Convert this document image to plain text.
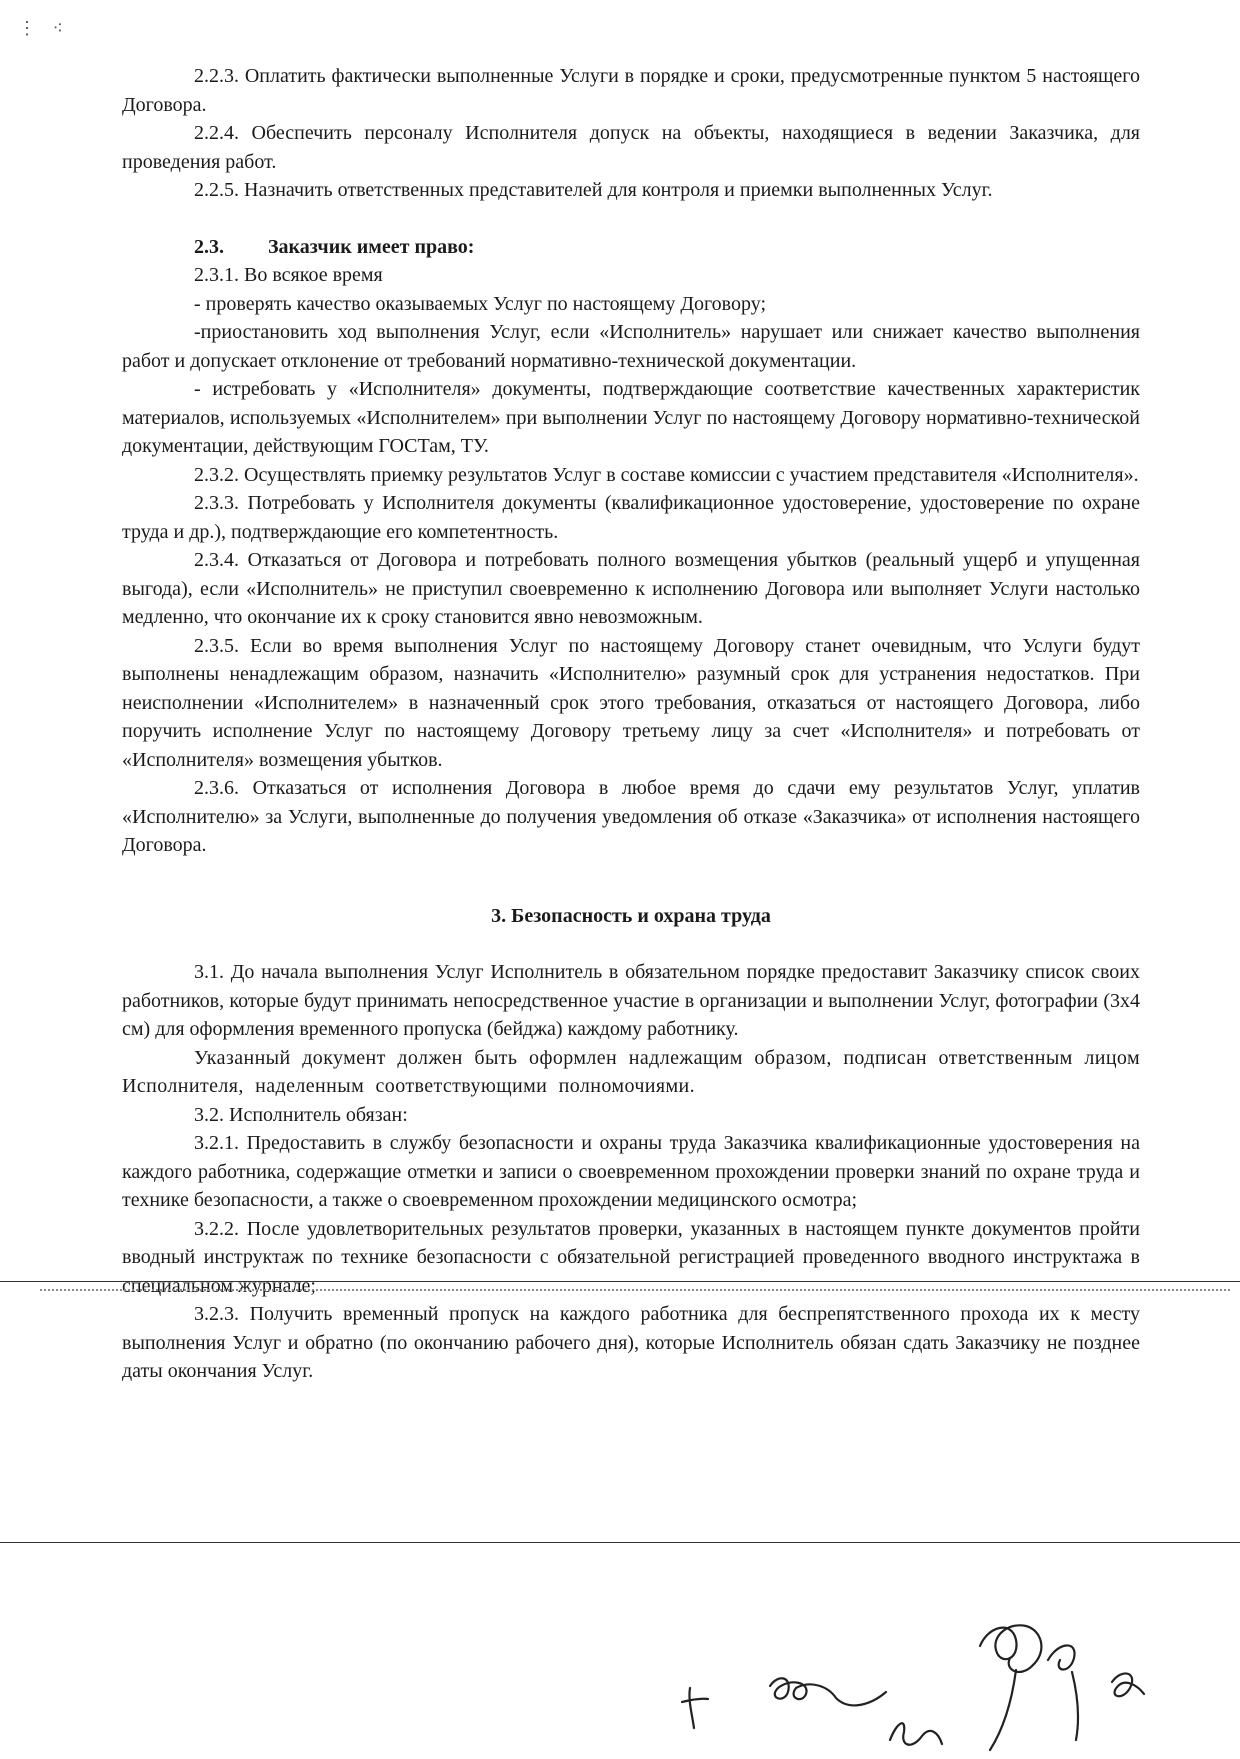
⋮ ⁖

2.2.3. Оплатить фактически выполненные Услуги в порядке и сроки, предусмотренные пунктом 5 настоящего Договора.

2.2.4. Обеспечить персоналу Исполнителя допуск на объекты, находящиеся в ведении Заказчика, для проведения работ.

2.2.5. Назначить ответственных представителей для контроля и приемки выполненных Услуг.

2.3. Заказчик имеет право:

2.3.1. Во всякое время

- проверять качество оказываемых Услуг по настоящему Договору;

-приостановить ход выполнения Услуг, если «Исполнитель» нарушает или снижает качество выполнения работ и допускает отклонение от требований нормативно-технической документации.

- истребовать у «Исполнителя» документы, подтверждающие соответствие качественных характеристик материалов, используемых «Исполнителем» при выполнении Услуг по настоящему Договору нормативно-технической документации, действующим ГОСТам, ТУ.

2.3.2. Осуществлять приемку результатов Услуг в составе комиссии с участием представителя «Исполнителя».

2.3.3. Потребовать у Исполнителя документы (квалификационное удостоверение, удостоверение по охране труда и др.), подтверждающие его компетентность.

2.3.4. Отказаться от Договора и потребовать полного возмещения убытков (реальный ущерб и упущенная выгода), если «Исполнитель» не приступил своевременно к исполнению Договора или выполняет Услуги настолько медленно, что окончание их к сроку становится явно невозможным.

2.3.5. Если во время выполнения Услуг по настоящему Договору станет очевидным, что Услуги будут выполнены ненадлежащим образом, назначить «Исполнителю» разумный срок для устранения недостатков. При неисполнении «Исполнителем» в назначенный срок этого требования, отказаться от настоящего Договора, либо поручить исполнение Услуг по настоящему Договору третьему лицу за счет «Исполнителя» и потребовать от «Исполнителя» возмещения убытков.

2.3.6. Отказаться от исполнения Договора в любое время до сдачи ему результатов Услуг, уплатив «Исполнителю» за Услуги, выполненные до получения уведомления об отказе «Заказчика» от исполнения настоящего Договора.

3. Безопасность и охрана труда

3.1. До начала выполнения Услуг Исполнитель в обязательном порядке предоставит Заказчику список своих работников, которые будут принимать непосредственное участие в организации и выполнении Услуг, фотографии (3х4 см) для оформления временного пропуска (бейджа) каждому работнику.

Указанный документ должен быть оформлен надлежащим образом, подписан ответственным лицом Исполнителя, наделенным соответствующими полномочиями.

3.2. Исполнитель обязан:

3.2.1. Предоставить в службу безопасности и охраны труда Заказчика квалификационные удостоверения на каждого работника, содержащие отметки и записи о своевременном прохождении проверки знаний по охране труда и технике безопасности, а также о своевременном прохождении медицинского осмотра;

3.2.2. После удовлетворительных результатов проверки, указанных в настоящем пункте документов пройти вводный инструктаж по технике безопасности с обязательной регистрацией проведенного вводного инструктажа в специальном журнале;

3.2.3. Получить временный пропуск на каждого работника для беспрепятственного прохода их к месту выполнения Услуг и обратно (по окончанию рабочего дня), которые Исполнитель обязан сдать Заказчику не позднее даты окончания Услуг.
